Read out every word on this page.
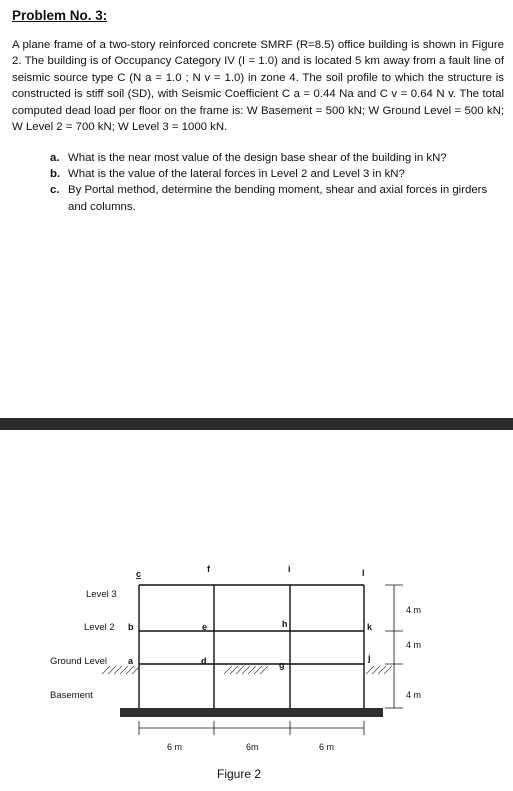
Problem No. 3:
A plane frame of a two-story reinforced concrete SMRF (R=8.5) office building is shown in Figure 2. The building is of Occupancy Category IV (I = 1.0) and is located 5 km away from a fault line of seismic source type C (N a = 1.0 ; N v = 1.0) in zone 4. The soil profile to which the structure is constructed is stiff soil (SD), with Seismic Coefficient C a = 0.44 Na and C v = 0.64 N v. The total computed dead load per floor on the frame is: W Basement = 500 kN; W Ground Level = 500 kN; W Level 2 = 700 kN; W Level 3 = 1000 kN.
a. What is the near most value of the design base shear of the building in kN?
b. What is the value of the lateral forces in Level 2 and Level 3 in kN?
c. By Portal method, determine the bending moment, shear and axial forces in girders and columns.
Level 3
Level 2
Ground Level
Basement
a
b
c
d
e
f
g
h
i
j
k
l
4 m
4 m
4 m
6 m	6m	6 m
Figure 2
